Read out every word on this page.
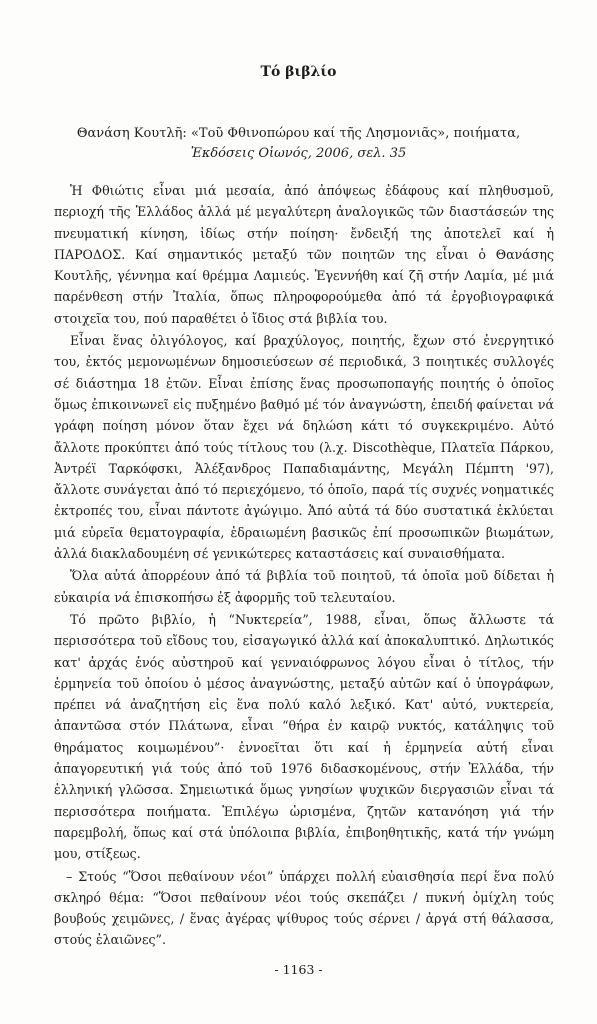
Τό βιβλίο
Θανάση Κουτλῆ: «Τοῦ Φθινοπώρου καί τῆς Λησμονιᾶς», ποιήματα,
Ἐκδόσεις Οἰωνός, 2006, σελ. 35

Ἡ Φθιώτις εἶναι μιά μεσαία, ἀπό ἀπόψεως ἐδάφους καί πληθυσμοῦ, περιοχή τῆς Ἑλλάδος ἀλλά μέ μεγαλύτερη ἀναλογικῶς τῶν διαστάσεών της πνευματική κίνηση, ἰδίως στήν ποίηση· ἔνδειξή της ἀποτελεῖ καί ἡ ΠΑΡΟΔΟΣ. Καί σημαντικός μεταξύ τῶν ποιητῶν της εἶναι ὁ Θανάσης Κουτλῆς, γέννημα καί θρέμμα Λαμιεύς. Ἐγεννήθη καί ζῆ στήν Λαμία, μέ μιά παρένθεση στήν Ἰταλία, ὅπως πληροφορούμεθα ἀπό τά ἐργοβιογραφικά στοιχεῖα του, πού παραθέτει ὁ ἴδιος στά βιβλία του.

Εἶναι ἕνας ὀλιγόλογος, καί βραχύλογος, ποιητής, ἔχων στό ἐνεργητικό του, ἐκτός μεμονωμένων δημοσιεύσεων σέ περιοδικά, 3 ποιητικές συλλογές σέ διάστημα 18 ἐτῶν. Εἶναι ἐπίσης ἕνας προσωποπαγής ποιητής ὁ ὁποῖος ὅμως ἐπικοινωνεῖ εἰς πυξημένο βαθμό μέ τόν ἀναγνώστη, ἐπειδή φαίνεται νά γράφη ποίηση μόνον ὅταν ἔχει νά δηλώση κάτι τό συγκεκριμένο. Αὐτό ἄλλοτε προκύπτει ἀπό τούς τίτλους του (λ.χ. Discothèque, Πλατεῖα Πάρκου, Ἀντρέϊ Ταρκόφσκι, Ἀλέξανδρος Παπαδιαμάντης, Μεγάλη Πέμπτη '97), ἄλλοτε συνάγεται ἀπό τό περιεχόμενο, τό ὁποῖο, παρά τίς συχνές νοηματικές ἐκτροπές του, εἶναι πάντοτε ἀγώγιμο. Ἀπό αὐτά τά δύο συστατικά ἐκλύεται μιά εὐρεῖα θεματογραφία, ἑδραιωμένη βασικῶς ἐπί προσωπικῶν βιωμάτων, ἀλλά διακλαδουμένη σέ γενικώτερες καταστάσεις καί συναισθήματα.

Ὅλα αὐτά ἀπορρέουν ἀπό τά βιβλία τοῦ ποιητοῦ, τά ὁποῖα μοῦ δίδεται ἡ εὐκαιρία νά ἐπισκοπήσω ἐξ ἀφορμῆς τοῦ τελευταίου.

Τό πρῶτο βιβλίο, ἡ “Νυκτερεία”, 1988, εἶναι, ὅπως ἄλλωστε τά περισσότερα τοῦ εἴδους του, εἰσαγωγικό ἀλλά καί ἀποκαλυπτικό. Δηλωτικός κατ' ἀρχάς ἑνός αὐστηροῦ καί γενναιόφρωνος λόγου εἶναι ὁ τίτλος, τήν ἑρμηνεία τοῦ ὁποίου ὁ μέσος ἀναγνώστης, μεταξύ αὐτῶν καί ὁ ὑπογράφων, πρέπει νά ἀναζητήση εἰς ἕνα πολύ καλό λεξικό. Κατ' αὐτό, νυκτερεία, ἀπαντῶσα στόν Πλάτωνα, εἶναι “θήρα ἐν καιρῷ νυκτός, κατάληψις τοῦ θηράματος κοιμωμένου”· ἐννοεῖται ὅτι καί ἡ ἑρμηνεία αὐτή εἶναι ἀπαγορευτική γιά τούς ἀπό τοῦ 1976 διδασκομένους, στήν Ἑλλάδα, τήν ἑλληνική γλῶσσα. Σημειωτικά ὅμως γνησίων ψυχικῶν διεργασιῶν εἶναι τά περισσότερα ποιήματα. Ἐπιλέγω ὡρισμένα, ζητῶν κατανόηση γιά τήν παρεμβολή, ὅπως καί στά ὑπόλοιπα βιβλία, ἐπιβοηθητικῆς, κατά τήν γνώμη μου, στίξεως.

– Στούς “Ὅσοι πεθαίνουν νέοι” ὑπάρχει πολλή εὐαισθησία περί ἕνα πολύ σκληρό θέμα: “Ὅσοι πεθαίνουν νέοι τούς σκεπάζει / πυκνή ὀμίχλη τούς βουβούς χειμῶνες, / ἕνας ἀγέρας ψίθυρος τούς σέρνει / ἀργά στή θάλασσα, στούς ἐλαιῶνες”.

- 1163 -
